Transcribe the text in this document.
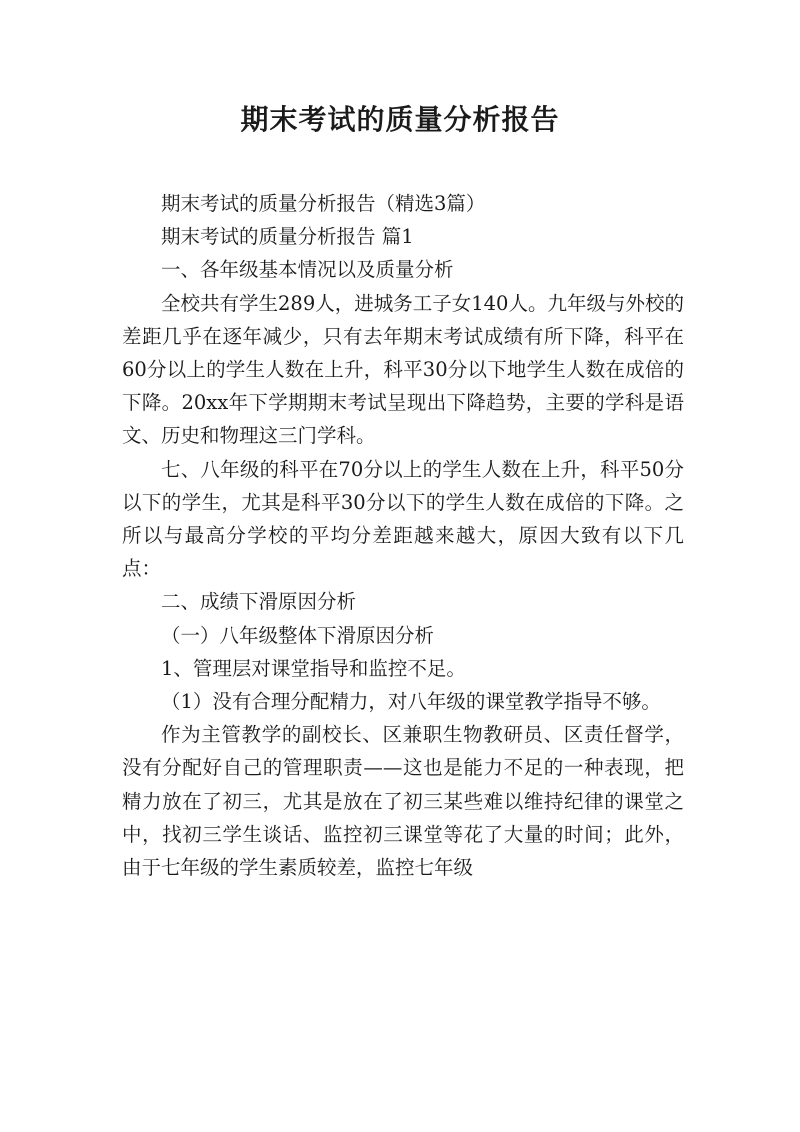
期末考试的质量分析报告

期末考试的质量分析报告（精选3篇）

期末考试的质量分析报告 篇1

一、各年级基本情况以及质量分析

全校共有学生289人，进城务工子女140人。九年级与外校的差距几乎在逐年减少，只有去年期末考试成绩有所下降，科平在60分以上的学生人数在上升，科平30分以下地学生人数在成倍的下降。20xx年下学期期末考试呈现出下降趋势，主要的学科是语文、历史和物理这三门学科。

七、八年级的科平在70分以上的学生人数在上升，科平50分以下的学生，尤其是科平30分以下的学生人数在成倍的下降。之所以与最高分学校的平均分差距越来越大，原因大致有以下几点：

二、成绩下滑原因分析

（一）八年级整体下滑原因分析

1、管理层对课堂指导和监控不足。

（1）没有合理分配精力，对八年级的课堂教学指导不够。

作为主管教学的副校长、区兼职生物教研员、区责任督学，没有分配好自己的管理职责——这也是能力不足的一种表现，把精力放在了初三，尤其是放在了初三某些难以维持纪律的课堂之中，找初三学生谈话、监控初三课堂等花了大量的时间；此外，由于七年级的学生素质较差，监控七年级
